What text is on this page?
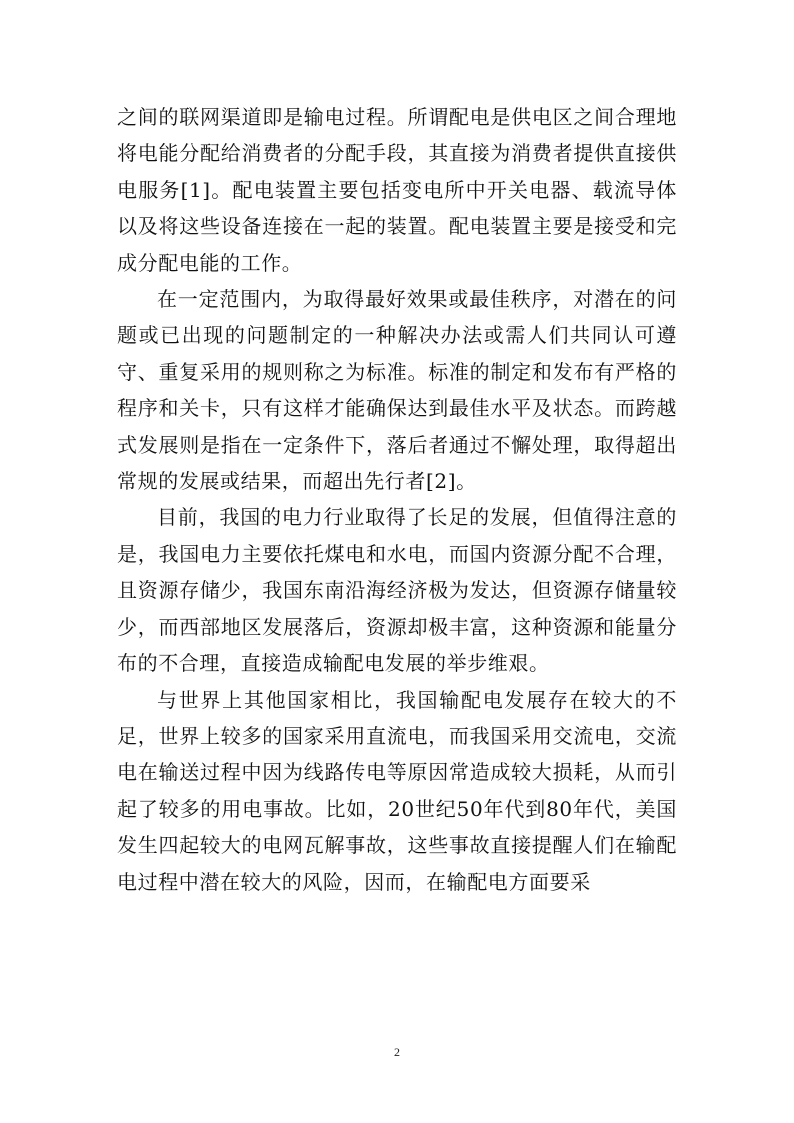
之间的联网渠道即是输电过程。所谓配电是供电区之间合理地将电能分配给消费者的分配手段，其直接为消费者提供直接供电服务[1]。配电装置主要包括变电所中开关电器、载流导体以及将这些设备连接在一起的装置。配电装置主要是接受和完成分配电能的工作。

在一定范围内，为取得最好效果或最佳秩序，对潜在的问题或已出现的问题制定的一种解决办法或需人们共同认可遵守、重复采用的规则称之为标准。标准的制定和发布有严格的程序和关卡，只有这样才能确保达到最佳水平及状态。而跨越式发展则是指在一定条件下，落后者通过不懈处理，取得超出常规的发展或结果，而超出先行者[2]。

目前，我国的电力行业取得了长足的发展，但值得注意的是，我国电力主要依托煤电和水电，而国内资源分配不合理，且资源存储少，我国东南沿海经济极为发达，但资源存储量较少，而西部地区发展落后，资源却极丰富，这种资源和能量分布的不合理，直接造成输配电发展的举步维艰。

与世界上其他国家相比，我国输配电发展存在较大的不足，世界上较多的国家采用直流电，而我国采用交流电，交流电在输送过程中因为线路传电等原因常造成较大损耗，从而引起了较多的用电事故。比如，20世纪50年代到80年代，美国发生四起较大的电网瓦解事故，这些事故直接提醒人们在输配电过程中潜在较大的风险，因而，在输配电方面要采

2
